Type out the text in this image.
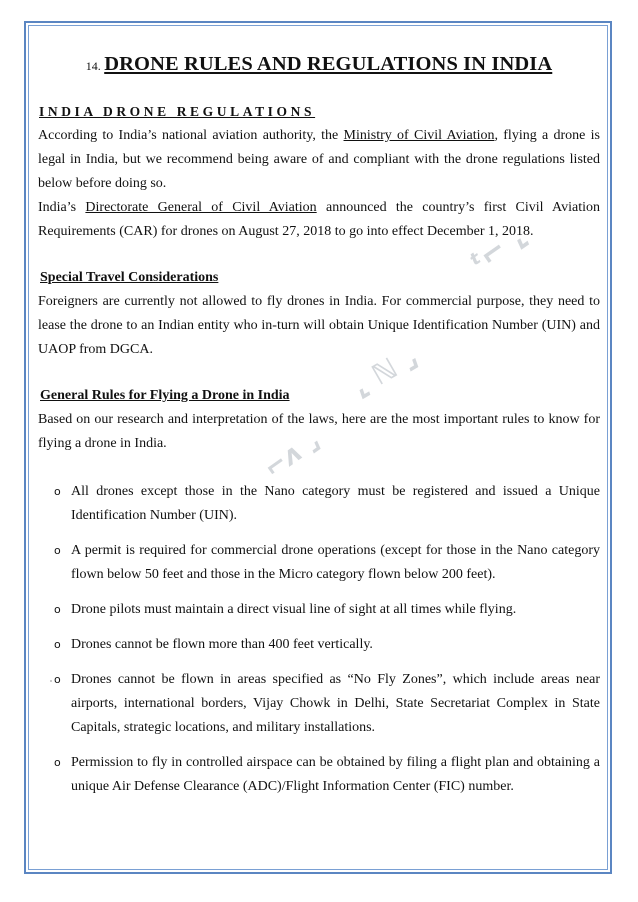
ᵗ⌐ ⌞
⌞ ℕ ⌟
⌐ᴧ ⌟
14. DRONE RULES AND REGULATIONS IN INDIA
INDIA DRONE REGULATIONS

According to India’s national aviation authority, the Ministry of Civil Aviation, flying a drone is legal in India, but we recommend being aware of and compliant with the drone regulations listed below before doing so.

India’s Directorate General of Civil Aviation announced the country’s first Civil Aviation Requirements (CAR) for drones on August 27, 2018 to go into effect December 1, 2018.

Special Travel Considerations

Foreigners are currently not allowed to fly drones in India. For commercial purpose, they need to lease the drone to an Indian entity who in-turn will obtain Unique Identification Number (UIN) and UAOP from DGCA.

General Rules for Flying a Drone in India

Based on our research and interpretation of the laws, here are the most important rules to know for flying a drone in India.

o All drones except those in the Nano category must be registered and issued a Unique Identification Number (UIN).
o A permit is required for commercial drone operations (except for those in the Nano category flown below 50 feet and those in the Micro category flown below 200 feet).
o Drone pilots must maintain a direct visual line of sight at all times while flying.
o Drones cannot be flown more than 400 feet vertically.
o Drones cannot be flown in areas specified as “No Fly Zones”, which include areas near airports, international borders, Vijay Chowk in Delhi, State Secretariat Complex in State Capitals, strategic locations, and military installations.
o Permission to fly in controlled airspace can be obtained by filing a flight plan and obtaining a unique Air Defense Clearance (ADC)/Flight Information Center (FIC) number.
